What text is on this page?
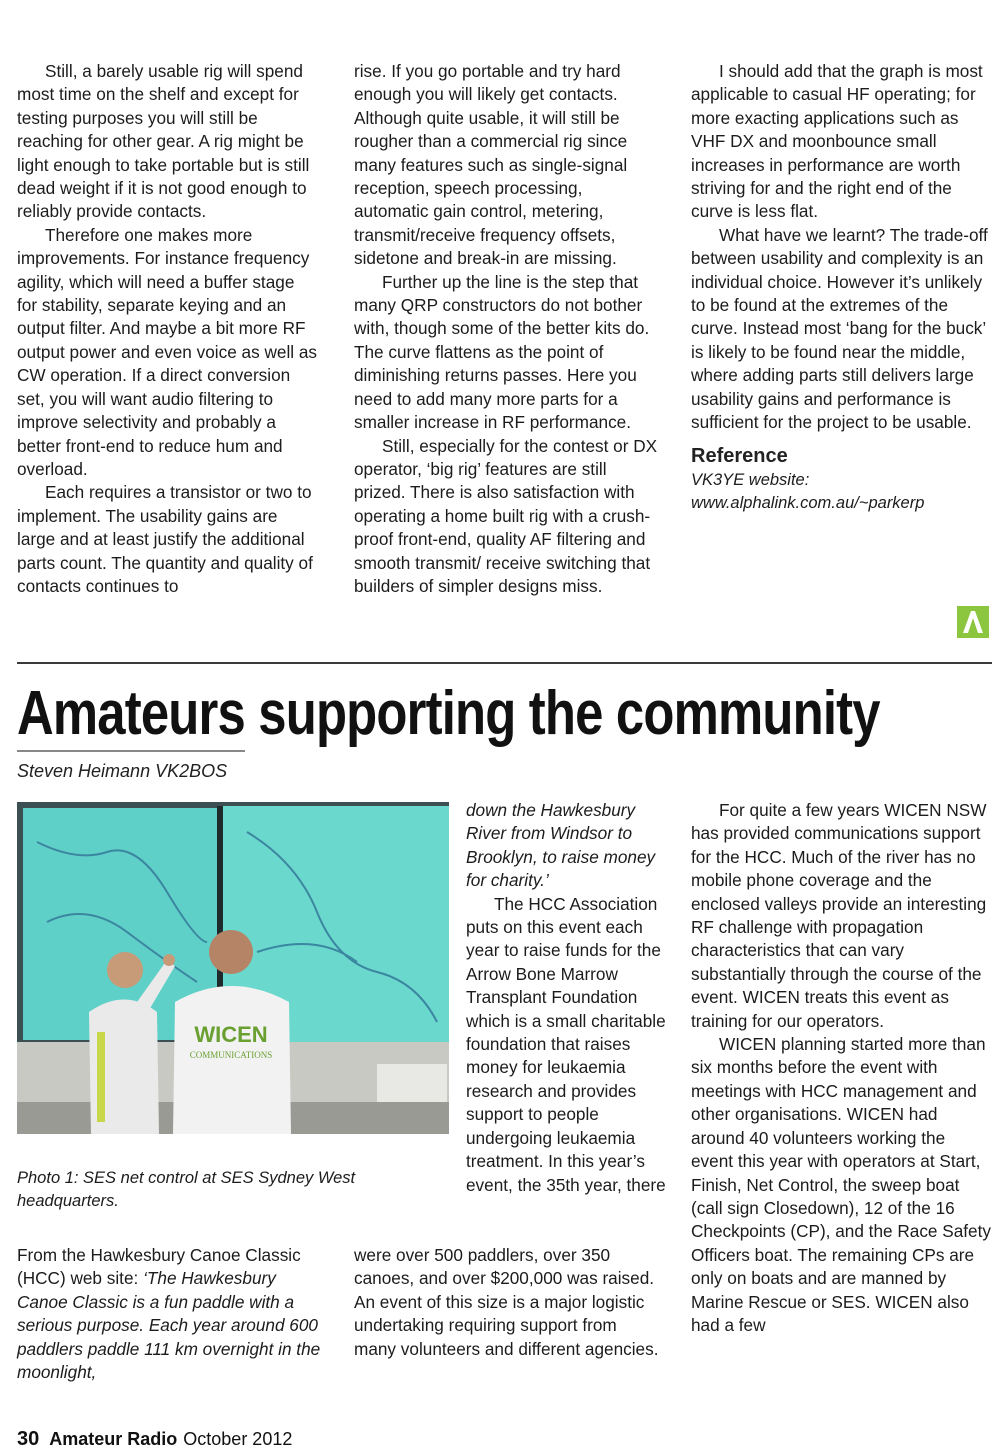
Still, a barely usable rig will spend most time on the shelf and except for testing purposes you will still be reaching for other gear. A rig might be light enough to take portable but is still dead weight if it is not good enough to reliably provide contacts.

Therefore one makes more improvements. For instance frequency agility, which will need a buffer stage for stability, separate keying and an output filter. And maybe a bit more RF output power and even voice as well as CW operation. If a direct conversion set, you will want audio filtering to improve selectivity and probably a better front-end to reduce hum and overload.

Each requires a transistor or two to implement. The usability gains are large and at least justify the additional parts count. The quantity and quality of contacts continues to

rise. If you go portable and try hard enough you will likely get contacts. Although quite usable, it will still be rougher than a commercial rig since many features such as single-signal reception, speech processing, automatic gain control, metering, transmit/receive frequency offsets, sidetone and break-in are missing.

Further up the line is the step that many QRP constructors do not bother with, though some of the better kits do. The curve flattens as the point of diminishing returns passes. Here you need to add many more parts for a smaller increase in RF performance.

Still, especially for the contest or DX operator, ‘big rig’ features are still prized. There is also satisfaction with operating a home built rig with a crush-proof front-end, quality AF filtering and smooth transmit/ receive switching that builders of simpler designs miss.

I should add that the graph is most applicable to casual HF operating; for more exacting applications such as VHF DX and moonbounce small increases in performance are worth striving for and the right end of the curve is less flat.

What have we learnt? The trade-off between usability and complexity is an individual choice. However it’s unlikely to be found at the extremes of the curve. Instead most ‘bang for the buck’ is likely to be found near the middle, where adding parts still delivers large usability gains and performance is sufficient for the project to be usable.

Reference

VK3YE website: www.alphalink.com.au/~parkerp

Amateurs supporting the community
Steven Heimann VK2BOS
WICEN
COMMUNICATIONS
Photo 1: SES net control at SES Sydney West headquarters.

From the Hawkesbury Canoe Classic (HCC) web site: ‘The Hawkesbury Canoe Classic is a fun paddle with a serious purpose. Each year around 600 paddlers paddle 111 km overnight in the moonlight,

down the Hawkesbury River from Windsor to Brooklyn, to raise money for charity.’

The HCC Association puts on this event each year to raise funds for the Arrow Bone Marrow Transplant Foundation which is a small charitable foundation that raises money for leukaemia research and provides support to people undergoing leukaemia treatment. In this year’s event, the 35th year, there

were over 500 paddlers, over 350 canoes, and over $200,000 was raised. An event of this size is a major logistic undertaking requiring support from many volunteers and different agencies.

For quite a few years WICEN NSW has provided communications support for the HCC. Much of the river has no mobile phone coverage and the enclosed valleys provide an interesting RF challenge with propagation characteristics that can vary substantially through the course of the event. WICEN treats this event as training for our operators.

WICEN planning started more than six months before the event with meetings with HCC management and other organisations. WICEN had around 40 volunteers working the event this year with operators at Start, Finish, Net Control, the sweep boat (call sign Closedown), 12 of the 16 Checkpoints (CP), and the Race Safety Officers boat. The remaining CPs are only on boats and are manned by Marine Rescue or SES. WICEN also had a few

30 Amateur Radio October 2012
